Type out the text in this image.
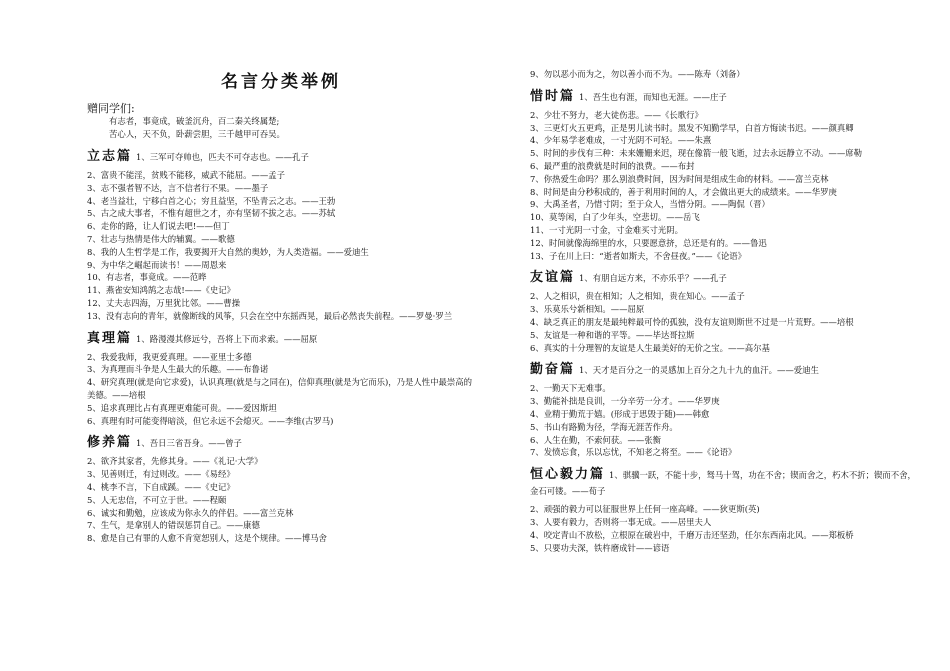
名言分类举例
赠同学们:
有志者，事竟成，破釜沉舟，百二秦关终属楚;
苦心人，天不负，卧薪尝胆，三千越甲可吞吴。
立志篇 1、三军可夺帅也，匹夫不可夺志也。——孔子
2、富贵不能淫，贫贱不能移，威武不能屈。——孟子
3、志不强者智不达，言不信者行不果。——墨子
4、老当益壮，宁移白首之心；穷且益坚，不坠青云之志。——王勃
5、古之成大事者，不惟有超世之才，亦有坚韧不拔之志。——苏轼
6、走你的路，让人们说去吧!——但丁
7、壮志与热情是伟大的辅翼。——歌德
8、我的人生哲学是工作，我要揭开大自然的奥妙，为人类造福。——爱迪生
9、为中华之崛起而读书！——周恩来
10、有志者，事竟成。——范晔
11、燕雀安知鸿鹄之志哉!——《史记》
12、丈夫志四海，万里犹比邻。——曹操
13、没有志向的青年，就像断线的风筝，只会在空中东摇西晃，最后必然丧失前程。——罗曼·罗兰
真理篇 1、路漫漫其修远兮，吾将上下而求索。——屈原
2、我爱我师，我更爱真理。——亚里士多德
3、为真理而斗争是人生最大的乐趣。——布鲁诺
4、研究真理(就是向它求爱)，认识真理(就是与之同在)，信仰真理(就是为它而乐)，乃是人性中最崇高的美德。——培根
5、追求真理比占有真理更难能可贵。——爱因斯坦
6、真理有时可能变得暗淡，但它永远不会熄灭。——李维(古罗马)
修养篇 1、吾日三省吾身。——曾子
2、欲齐其家者，先修其身。——《礼记·大学》
3、见善则迁，有过则改。——《易经》
4、桃李不言，下自成蹊。——《史记》
5、人无忠信，不可立于世。——程颐
6、诚实和勤勉，应该成为你永久的伴侣。——富兰克林
7、生气，是拿别人的错误惩罚自己。——康德
8、愈是自己有罪的人愈不肯宽恕别人，这是个规律。——博马舍
9、勿以恶小而为之，勿以善小而不为。——陈寿（刘备）
惜时篇 1、吾生也有涯，而知也无涯。——庄子
2、少壮不努力，老大徒伤悲。——《长歌行》
3、三更灯火五更鸡，正是男儿读书时。黑发不知勤学早，白首方悔读书迟。——颜真卿
4、少年易学老难成，一寸光阴不可轻。——朱熹
5、时间的步伐有三种：未来姗姗来迟，现在像箭一般飞逝，过去永远静立不动。——席勒
6、最严重的浪费就是时间的浪费。——布封
7、你热爱生命吗？那么别浪费时间，因为时间是组成生命的材料。——富兰克林
8、时间是由分秒积成的，善于利用时间的人，才会做出更大的成绩来。——华罗庚
9、大禹圣者，乃惜寸阴；至于众人，当惜分阴。——陶侃（晋）
10、莫等闲，白了少年头，空悲切。——岳飞
11、一寸光阴一寸金，寸金难买寸光阴。
12、时间就像海绵里的水，只要愿意挤，总还是有的。——鲁迅
13、子在川上曰：“逝者如斯夫，不舍昼夜。”——《论语》
友谊篇 1、有朋自远方来，不亦乐乎？——孔子
2、人之相识，贵在相知；人之相知，贵在知心。——孟子
3、乐莫乐兮新相知。——屈原
4、缺乏真正的朋友是最纯粹最可怜的孤独，没有友谊则斯世不过是一片荒野。——培根
5、友谊是一种和谐的平等。——毕达哥拉斯
6、真实的十分理智的友谊是人生最美好的无价之宝。——高尔基
勤奋篇 1、天才是百分之一的灵感加上百分之九十九的血汗。——爱迪生
2、一勤天下无难事。
3、勤能补拙是良训，一分辛劳一分才。——华罗庚
4、业精于勤荒于嬉。(形成于思毁于随)——韩愈
5、书山有路勤为径，学海无涯苦作舟。
6、人生在勤，不索何获。——张衡
7、发愤忘食，乐以忘忧，不知老之将至。——《论语》
恒心毅力篇 1、骐骥一跃，不能十步，驽马十驾，功在不舍；锲而舍之，朽木不折；锲而不舍，金石可镂。——荀子
2、顽强的毅力可以征服世界上任何一座高峰。——狄更斯(英)
3、人要有毅力，否则将一事无成。——居里夫人
4、咬定青山不放松，立根原在破岩中，千磨万击还坚劲，任尔东西南北风。——郑板桥
5、只要功夫深，铁杵磨成针——谚语
